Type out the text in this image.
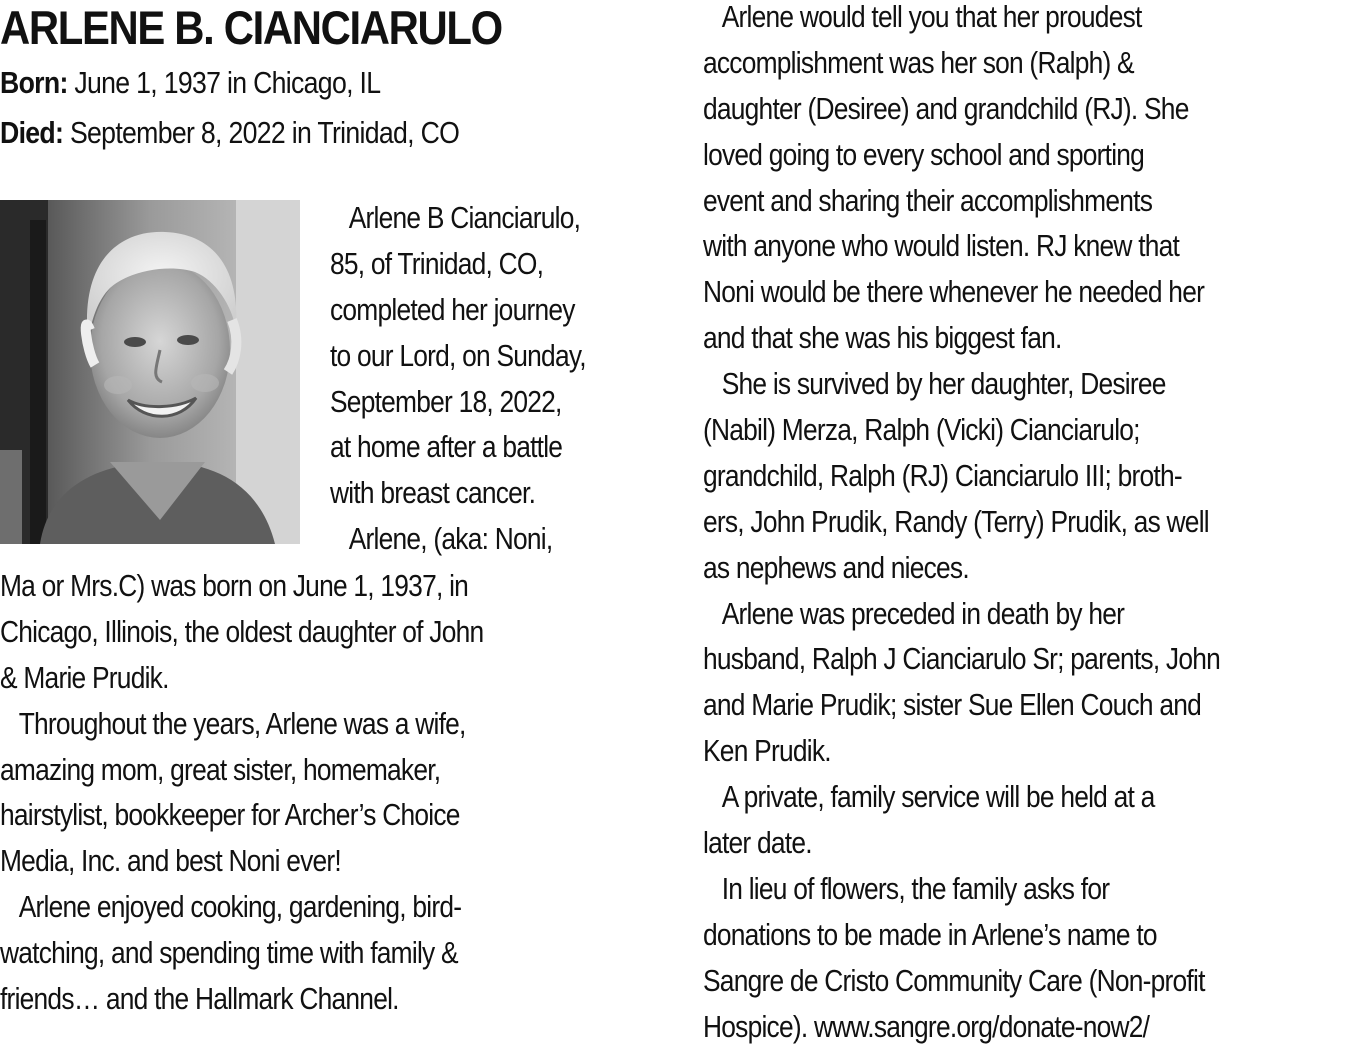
ARLENE B. CIANCIARULO
Born: June 1, 1937 in Chicago, IL
Died: September 8, 2022 in Trinidad, CO
Arlene B Cianciarulo,
85, of Trinidad, CO,
completed her journey
to our Lord, on Sunday,
September 18, 2022,
at home after a battle
with breast cancer.
Arlene, (aka: Noni,
Ma or Mrs.C) was born on June 1, 1937, in
Chicago, Illinois, the oldest daughter of John
& Marie Prudik.
Throughout the years, Arlene was a wife,
amazing mom, great sister, homemaker,
hairstylist, bookkeeper for Archer’s Choice
Media, Inc. and best Noni ever!
Arlene enjoyed cooking, gardening, bird-
watching, and spending time with family &
friends… and the Hallmark Channel.
Arlene would tell you that her proudest
accomplishment was her son (Ralph) &
daughter (Desiree) and grandchild (RJ). She
loved going to every school and sporting
event and sharing their accomplishments
with anyone who would listen. RJ knew that
Noni would be there whenever he needed her
and that she was his biggest fan.
She is survived by her daughter, Desiree
(Nabil) Merza, Ralph (Vicki) Cianciarulo;
grandchild, Ralph (RJ) Cianciarulo III; broth-
ers, John Prudik, Randy (Terry) Prudik, as well
as nephews and nieces.
Arlene was preceded in death by her
husband, Ralph J Cianciarulo Sr; parents, John
and Marie Prudik; sister Sue Ellen Couch and
Ken Prudik.
A private, family service will be held at a
later date.
In lieu of flowers, the family asks for
donations to be made in Arlene’s name to
Sangre de Cristo Community Care (Non-profit
Hospice). www.sangre.org/donate-now2/
